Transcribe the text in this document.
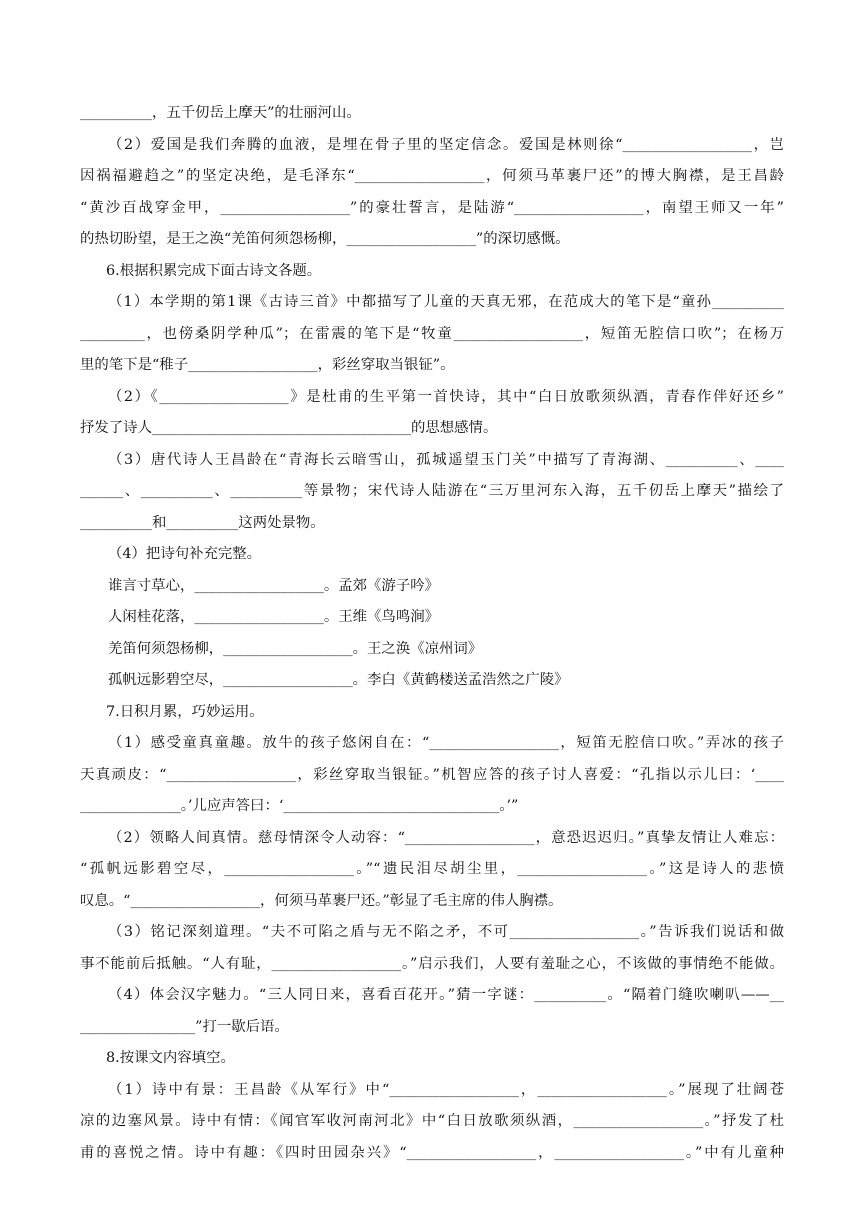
__________，五千仞岳上摩天”的壮丽河山。
（2）爱国是我们奔腾的血液，是埋在骨子里的坚定信念。爱国是林则徐“__________________，岂
因祸福避趋之”的坚定决绝，是毛泽东“__________________，何须马革裹尸还”的博大胸襟，是王昌龄
“黄沙百战穿金甲，__________________”的豪壮誓言，是陆游“__________________，南望王师又一年”
的热切盼望，是王之涣“羌笛何须怨杨柳，__________________”的深切感慨。
6.根据积累完成下面古诗文各题。
（1）本学期的第1课《古诗三首》中都描写了儿童的天真无邪，在范成大的笔下是“童孙__________
_________，也傍桑阴学种瓜”；在雷震的笔下是“牧童__________________，短笛无腔信口吹”；在杨万
里的笔下是“稚子__________________，彩丝穿取当银钲”。
（2）《__________________》是杜甫的生平第一首快诗，其中“白日放歌须纵酒，青春作伴好还乡”
抒发了诗人____________________________________的思想感情。
（3）唐代诗人王昌龄在“青海长云暗雪山，孤城遥望玉门关”中描写了青海湖、__________、____
______、__________、__________等景物；宋代诗人陆游在“三万里河东入海，五千仞岳上摩天”描绘了
__________和__________这两处景物。
（4）把诗句补充完整。
谁言寸草心，__________________。孟郊《游子吟》
人闲桂花落，__________________。王维《鸟鸣涧》
羌笛何须怨杨柳，__________________。王之涣《凉州词》
孤帆远影碧空尽，__________________。李白《黄鹤楼送孟浩然之广陵》
7.日积月累，巧妙运用。
（1）感受童真童趣。放牛的孩子悠闲自在：“__________________，短笛无腔信口吹。”弄冰的孩子
天真顽皮：“__________________，彩丝穿取当银钲。”机智应答的孩子讨人喜爱：“孔指以示儿曰：‘____
______________。’儿应声答曰：‘______________________________。’”
（2）领略人间真情。慈母情深令人动容：“__________________，意恐迟迟归。”真挚友情让人难忘：
“孤帆远影碧空尽，__________________。”“遗民泪尽胡尘里，__________________。”这是诗人的悲愤
叹息。“__________________，何须马革裹尸还。”彰显了毛主席的伟人胸襟。
（3）铭记深刻道理。“夫不可陷之盾与无不陷之矛，不可__________________。”告诉我们说话和做
事不能前后抵触。“人有耻，__________________。”启示我们，人要有羞耻之心，不该做的事情绝不能做。
（4）体会汉字魅力。“三人同日来，喜看百花开。”猜一字谜：__________。“隔着门缝吹喇叭——__
________________”打一歇后语。
8.按课文内容填空。
（1）诗中有景：王昌龄《从军行》中“__________________，__________________。”展现了壮阔苍
凉的边塞风景。诗中有情：《闻官军收河南河北》中“白日放歌须纵酒，__________________。”抒发了杜
甫的喜悦之情。诗中有趣：《四时田园杂兴》“__________________，__________________。”中有儿童种
